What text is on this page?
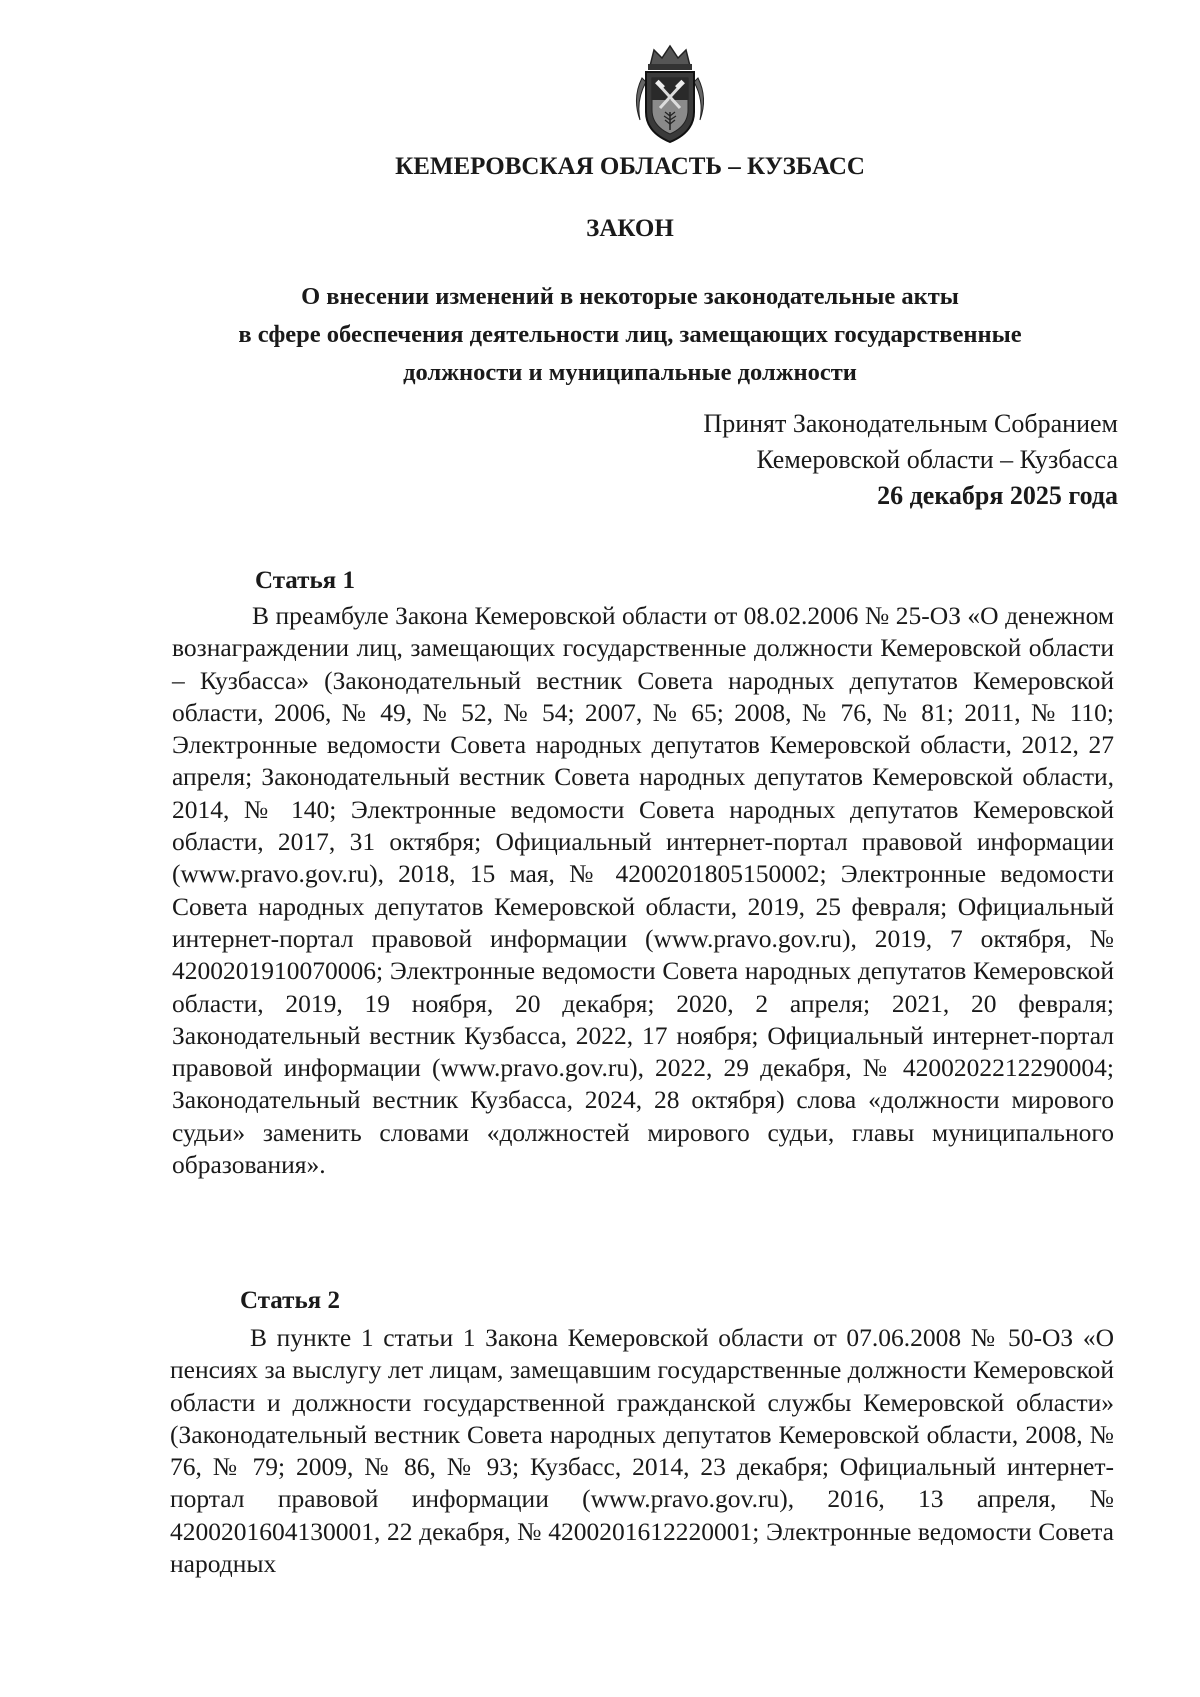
КЕМЕРОВСКАЯ ОБЛАСТЬ – КУЗБАСС
ЗАКОН
О внесении изменений в некоторые законодательные акты
в сфере обеспечения деятельности лиц, замещающих государственные
должности и муниципальные должности
Принят Законодательным Собранием
Кемеровской области – Кузбасса
26 декабря 2025 года
Статья 1

В преамбуле Закона Кемеровской области от 08.02.2006 № 25-ОЗ «О денежном вознаграждении лиц, замещающих государственные должности Кемеровской области – Кузбасса» (Законодательный вестник Совета народных депутатов Кемеровской области, 2006, № 49, № 52, № 54; 2007, № 65; 2008, № 76, № 81; 2011, № 110; Электронные ведомости Совета народных депутатов Кемеровской области, 2012, 27 апреля; Законодательный вестник Совета народных депутатов Кемеровской области, 2014, № 140; Электронные ведомости Совета народных депутатов Кемеровской области, 2017, 31 октября; Официальный интернет-портал правовой информации (www.pravo.gov.ru), 2018, 15 мая, № 4200201805150002; Электронные ведомости Совета народных депутатов Кемеровской области, 2019, 25 февраля; Официальный интернет-портал правовой информации (www.pravo.gov.ru), 2019, 7 октября, № 4200201910070006; Электронные ведомости Совета народных депутатов Кемеровской области, 2019, 19 ноября, 20 декабря; 2020, 2 апреля; 2021, 20 февраля; Законодательный вестник Кузбасса, 2022, 17 ноября; Официальный интернет-портал правовой информации (www.pravo.gov.ru), 2022, 29 декабря, № 4200202212290004; Законодательный вестник Кузбасса, 2024, 28 октября) слова «должности мирового судьи» заменить словами «должностей мирового судьи, главы муниципального образования».

Статья 2

В пункте 1 статьи 1 Закона Кемеровской области от 07.06.2008 № 50-ОЗ «О пенсиях за выслугу лет лицам, замещавшим государственные должности Кемеровской области и должности государственной гражданской службы Кемеровской области» (Законодательный вестник Совета народных депутатов Кемеровской области, 2008, № 76, № 79; 2009, № 86, № 93; Кузбасс, 2014, 23 декабря; Официальный интернет-портал правовой информации (www.pravo.gov.ru), 2016, 13 апреля, № 4200201604130001, 22 декабря, № 4200201612220001; Электронные ведомости Совета народных
